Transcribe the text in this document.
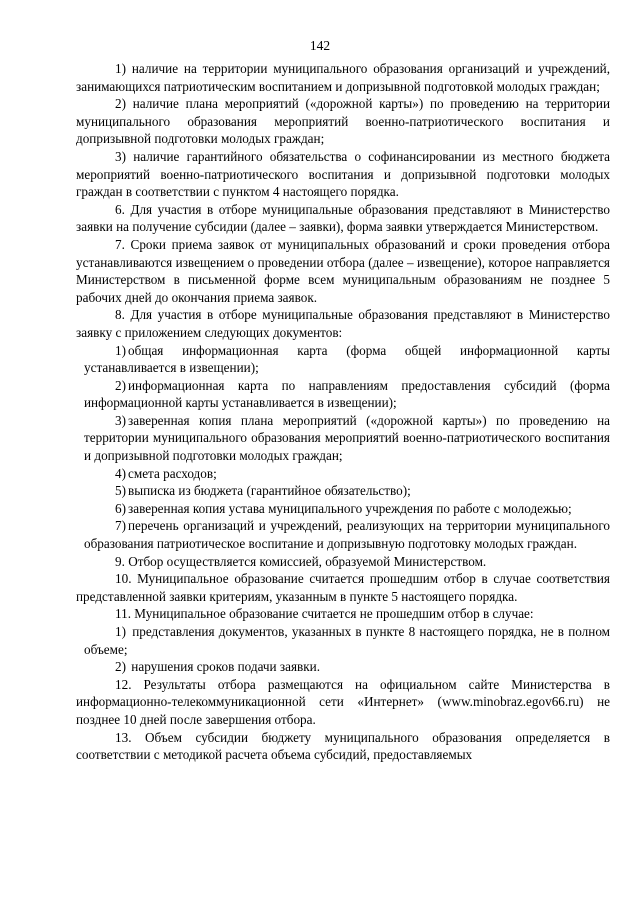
142

1) наличие на территории муниципального образования организаций и учреждений, занимающихся патриотическим воспитанием и допризывной подготовкой молодых граждан;

2) наличие плана мероприятий («дорожной карты») по проведению на территории муниципального образования мероприятий военно-патриотического воспитания и допризывной подготовки молодых граждан;

3) наличие гарантийного обязательства о софинансировании из местного бюджета мероприятий военно-патриотического воспитания и допризывной подготовки молодых граждан в соответствии с пунктом 4 настоящего порядка.

6. Для участия в отборе муниципальные образования представляют в Министерство заявки на получение субсидии (далее – заявки), форма заявки утверждается Министерством.

7. Сроки приема заявок от муниципальных образований и сроки проведения отбора устанавливаются извещением о проведении отбора (далее – извещение), которое направляется Министерством в письменной форме всем муниципальным образованиям не позднее 5 рабочих дней до окончания приема заявок.

8. Для участия в отборе муниципальные образования представляют в Министерство заявку с приложением следующих документов:

1) общая информационная карта (форма общей информационной карты устанавливается в извещении);

2) информационная карта по направлениям предоставления субсидий (форма информационной карты устанавливается в извещении);

3) заверенная копия плана мероприятий («дорожной карты») по проведению на территории муниципального образования мероприятий военно-патриотического воспитания и допризывной подготовки молодых граждан;

4) смета расходов;

5) выписка из бюджета (гарантийное обязательство);

6) заверенная копия устава муниципального учреждения по работе с молодежью;

7) перечень организаций и учреждений, реализующих на территории муниципального образования патриотическое воспитание и допризывную подготовку молодых граждан.

9. Отбор осуществляется комиссией, образуемой Министерством.

10. Муниципальное образование считается прошедшим отбор в случае соответствия представленной заявки критериям, указанным в пункте 5 настоящего порядка.

11. Муниципальное образование считается не прошедшим отбор в случае:

1) представления документов, указанных в пункте 8 настоящего порядка, не в полном объеме;

2) нарушения сроков подачи заявки.

12. Результаты отбора размещаются на официальном сайте Министерства в информационно-телекоммуникационной сети «Интернет» (www.minobraz.egov66.ru) не позднее 10 дней после завершения отбора.

13. Объем субсидии бюджету муниципального образования определяется в соответствии с методикой расчета объема субсидий, предоставляемых
